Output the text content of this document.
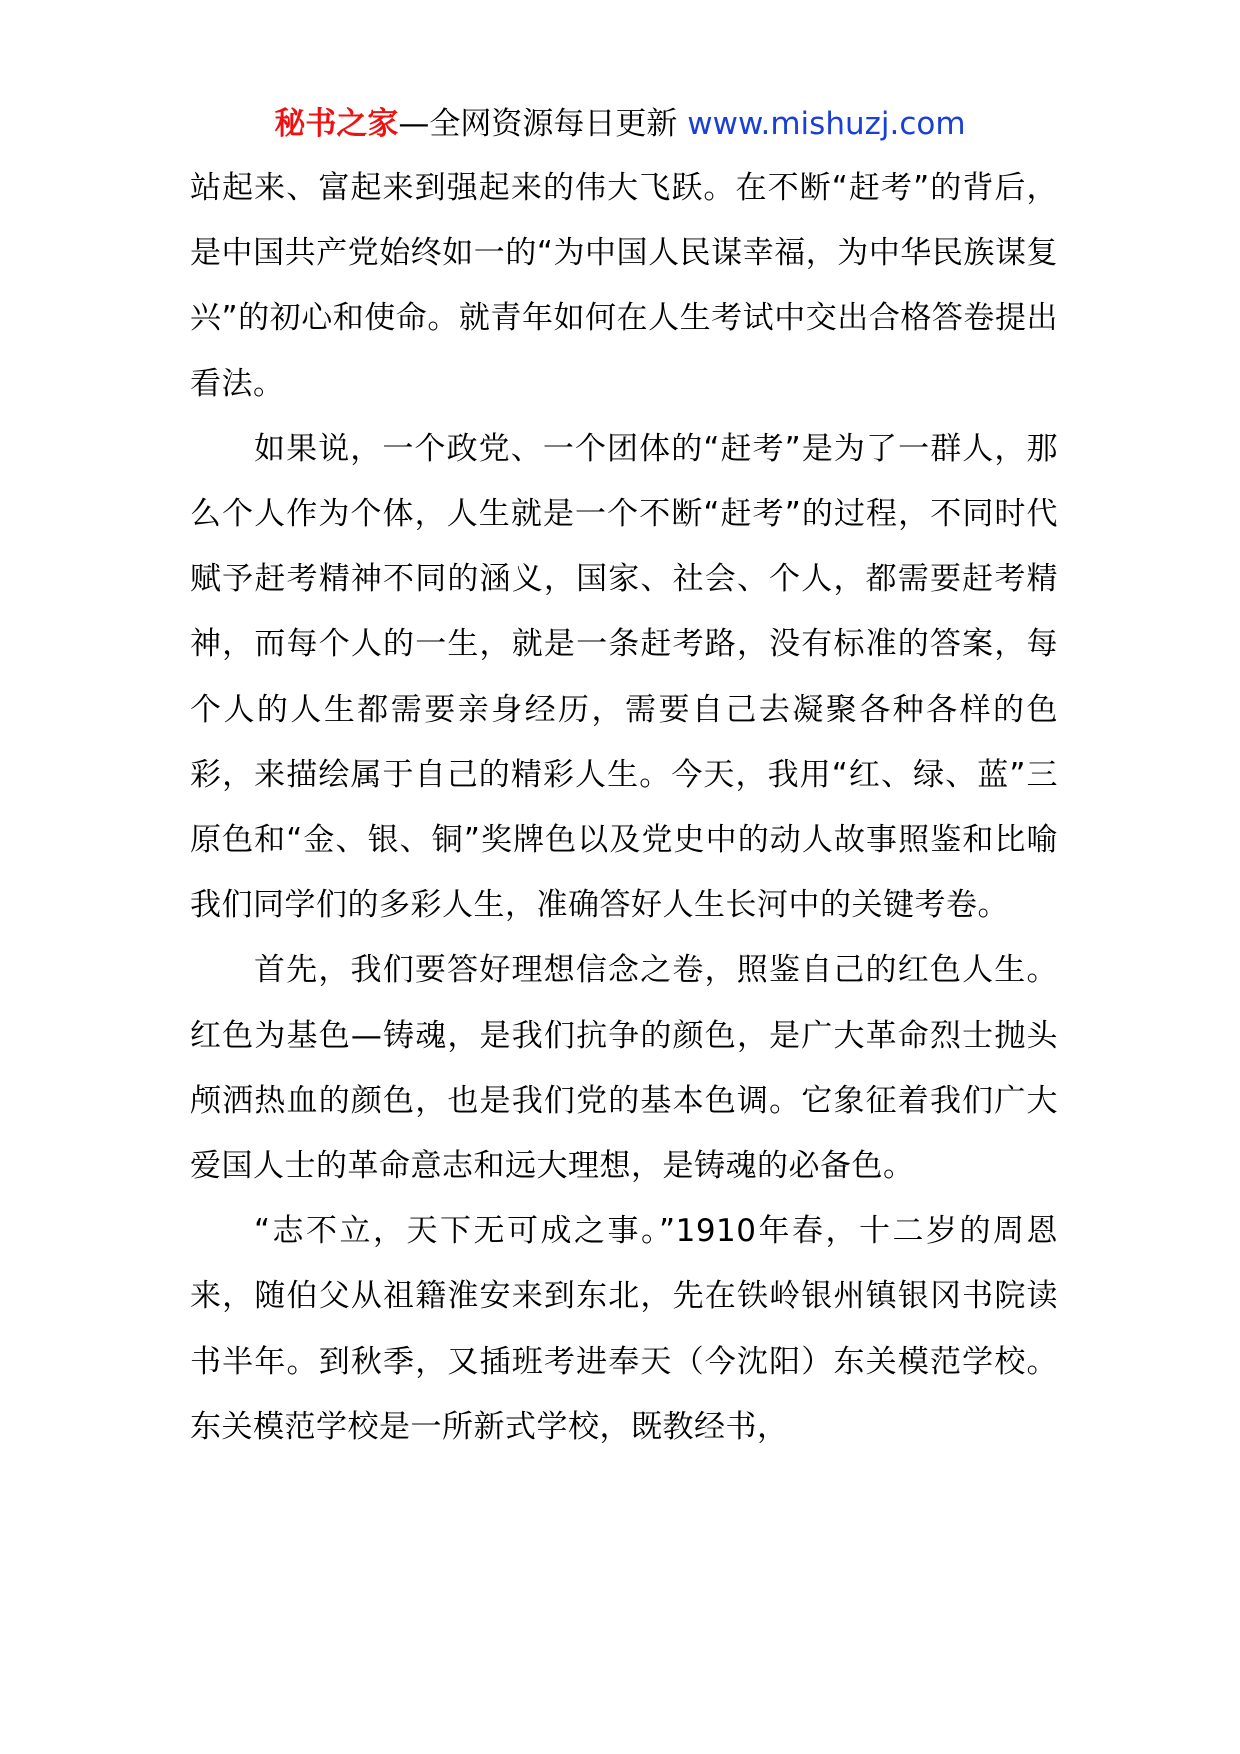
秘书之家—全网资源每日更新 www.mishuzj.com

站起来、富起来到强起来的伟大飞跃。在不断“赶考”的背后，是中国共产党始终如一的“为中国人民谋幸福，为中华民族谋复兴”的初心和使命。就青年如何在人生考试中交出合格答卷提出看法。

如果说，一个政党、一个团体的“赶考”是为了一群人，那么个人作为个体，人生就是一个不断“赶考”的过程，不同时代赋予赶考精神不同的涵义，国家、社会、个人，都需要赶考精神，而每个人的一生，就是一条赶考路，没有标准的答案，每个人的人生都需要亲身经历，需要自己去凝聚各种各样的色彩，来描绘属于自己的精彩人生。今天，我用“红、绿、蓝”三原色和“金、银、铜”奖牌色以及党史中的动人故事照鉴和比喻我们同学们的多彩人生，准确答好人生长河中的关键考卷。

首先，我们要答好理想信念之卷，照鉴自己的红色人生。红色为基色—铸魂，是我们抗争的颜色，是广大革命烈士抛头颅洒热血的颜色，也是我们党的基本色调。它象征着我们广大爱国人士的革命意志和远大理想，是铸魂的必备色。

“志不立，天下无可成之事。”1910年春，十二岁的周恩来，随伯父从祖籍淮安来到东北，先在铁岭银州镇银冈书院读书半年。到秋季，又插班考进奉天（今沈阳）东关模范学校。东关模范学校是一所新式学校，既教经书，
